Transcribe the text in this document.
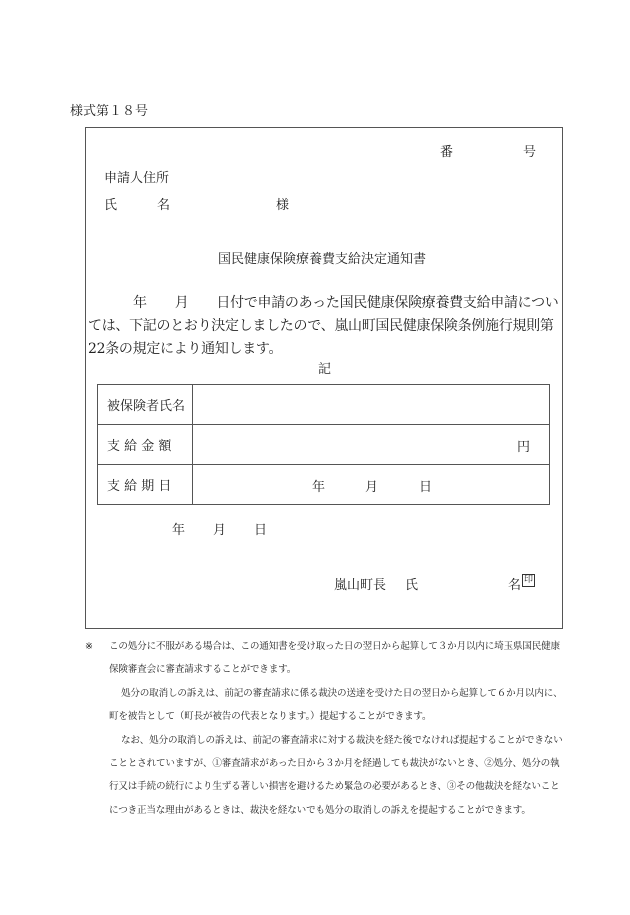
様式第１８号
番	号
申請人住所
氏	名	様
国民健康保険療養費支給決定通知書

年 月 日付で申請のあった国民健康保険療養費支給申請につい

ては、下記のとおり決定しましたので、嵐山町国民健康保険条例施行規則第

22条の規定により通知します。

記
被保険者氏名	

支 給 金 額	円

支 給 期 日	年 月 日
年 月 日
嵐山町長 氏	名 印
※ この処分に不服がある場合は、この通知書を受け取った日の翌日から起算して３か月以内に埼玉県国民健康保険審査会に審査請求することができます。
処分の取消しの訴えは、前記の審査請求に係る裁決の送達を受けた日の翌日から起算して６か月以内に、町を被告として（町長が被告の代表となります。）提起することができます。
なお、処分の取消しの訴えは、前記の審査請求に対する裁決を経た後でなければ提起することができないこととされていますが、①審査請求があった日から３か月を経過しても裁決がないとき、②処分、処分の執行又は手続の続行により生ずる著しい損害を避けるため緊急の必要があるとき、③その他裁決を経ないことにつき正当な理由があるときは、裁決を経ないでも処分の取消しの訴えを提起することができます。
